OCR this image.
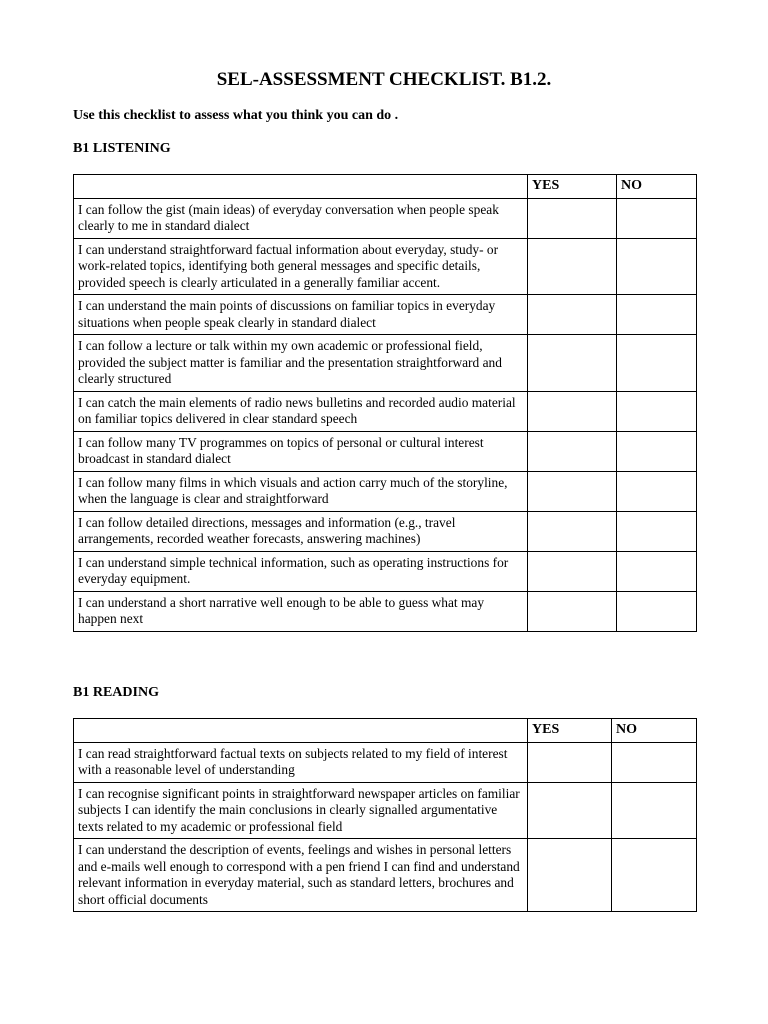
SEL-ASSESSMENT CHECKLIST. B1.2.
Use this checklist to assess what you think you can do .
B1 LISTENING
	YES	NO
I can follow the gist (main ideas) of everyday conversation when people speak clearly to me in standard dialect		
I can understand straightforward factual information about everyday, study- or work-related topics, identifying both general messages and specific details, provided speech is clearly articulated in a generally familiar accent.		
I can understand the main points of discussions on familiar topics in everyday situations when people speak clearly in standard dialect		
I can follow a lecture or talk within my own academic or professional field, provided the subject matter is familiar and the presentation straightforward and clearly structured		
I can catch the main elements of radio news bulletins and recorded audio material on familiar topics delivered in clear standard speech		
I can follow many TV programmes on topics of personal or cultural interest broadcast in standard dialect		
I can follow many films in which visuals and action carry much of the storyline, when the language is clear and straightforward		
I can follow detailed directions, messages and information (e.g., travel arrangements, recorded weather forecasts, answering machines)		
I can understand simple technical information, such as operating instructions for everyday equipment.		
I can understand a short narrative well enough to be able to guess what may happen next		
B1 READING
	YES	NO
I can read straightforward factual texts on subjects related to my field of interest with a reasonable level of understanding		
I can recognise significant points in straightforward newspaper articles on familiar subjects I can identify the main conclusions in clearly signalled argumentative texts related to my academic or professional field		
I can understand the description of events, feelings and wishes in personal letters and e-mails well enough to correspond with a pen friend I can find and understand relevant information in everyday material, such as standard letters, brochures and short official documents		
